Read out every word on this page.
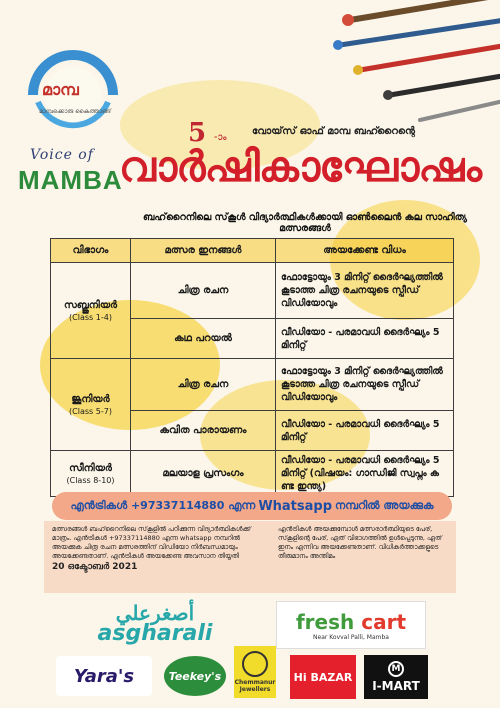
മാമ്പ
മാമ്പക്കൊരു കൈത്താങ്ങ്
Voice of
MAMBA
5 -ാം
വോയ്‌സ് ഓഫ് മാമ്പ ബഹ്റൈന്റെ
വാർഷികാഘോഷം
ബഹ്‌റൈനിലെ സ്‌കൂൾ വിദ്യാർത്ഥികൾക്കായി ഓൺലൈൻ കല സാഹിത്യ മത്സരങ്ങൾ
വിഭാഗം	മത്സര ഇനങ്ങൾ	അയക്കേണ്ട വിധം
സബ്ജൂനിയർ
(Class 1-4)	ചിത്ര രചന	ഫോട്ടോയും 3 മിനിറ്റ് ദൈർഘ്യത്തിൽ കൂടാത്ത ചിത്ര രചനയുടെ സ്പീഡ് വിഡിയോവും
	കഥ പറയൽ	വീഡിയോ - പരമാവധി ദൈർഘ്യം 5 മിനിറ്റ്
ജൂനിയർ
(Class 5-7)	ചിത്ര രചന	ഫോട്ടോയും 3 മിനിറ്റ് ദൈർഘ്യത്തിൽ കൂടാത്ത ചിത്ര രചനയുടെ സ്പീഡ് വിഡിയോവും
	കവിത പാരായണം	വീഡിയോ - പരമാവധി ദൈർഘ്യം 5 മിനിറ്റ്
സീനിയർ
(Class 8-10)	മലയാള പ്രസംഗം	വീഡിയോ - പരമാവധി ദൈർഘ്യം 5 മിനിറ്റ് (വിഷയം: ഗാന്ധിജി സ്വപ്നം ക ണ്ട ഇന്ത്യ)
എൻട്രികൾ +97337114880 എന്ന Whatsapp നമ്പറിൽ അയക്കുക
മത്സരങ്ങൾ ബഹ്‌റൈനിലെ സ്‌കൂളിൽ പഠിക്കുന്ന വിദ്യാർത്ഥികൾക്ക് മാത്രം. എൻട്രികൾ +97337114880 എന്ന whatsapp നമ്പറിൽ അയക്കുക ചിത്ര രചന മത്സരത്തിന് വിഡിയോ നിർബന്ധമായും അയക്കേണ്ടതാണ്. എൻട്രികൾ അയക്കേണ്ട അവസാന തിയ്യതി
20 ഒക്ടോബർ 2021
എൻട്രികൾ അയക്കുമ്പോൾ മത്സരാർത്ഥിയുടെ പേര്, സ്‌കൂളിന്റെ പേര്, ഏത് വിഭാഗത്തിൽ ഉൾപ്പെടുന്നു, ഏത് ഇനം എന്നിവ അയക്കേണ്ടതാണ്. വിധികർത്താക്കളുടെ തീരുമാനം അന്തിമം
أصغرعلي
asgharali	fresh cart
Near Kovval Palli, Mamba
Yara's	Teekey's	Chemmanur Jewellers
Hi BAZAR
M
I-MART
